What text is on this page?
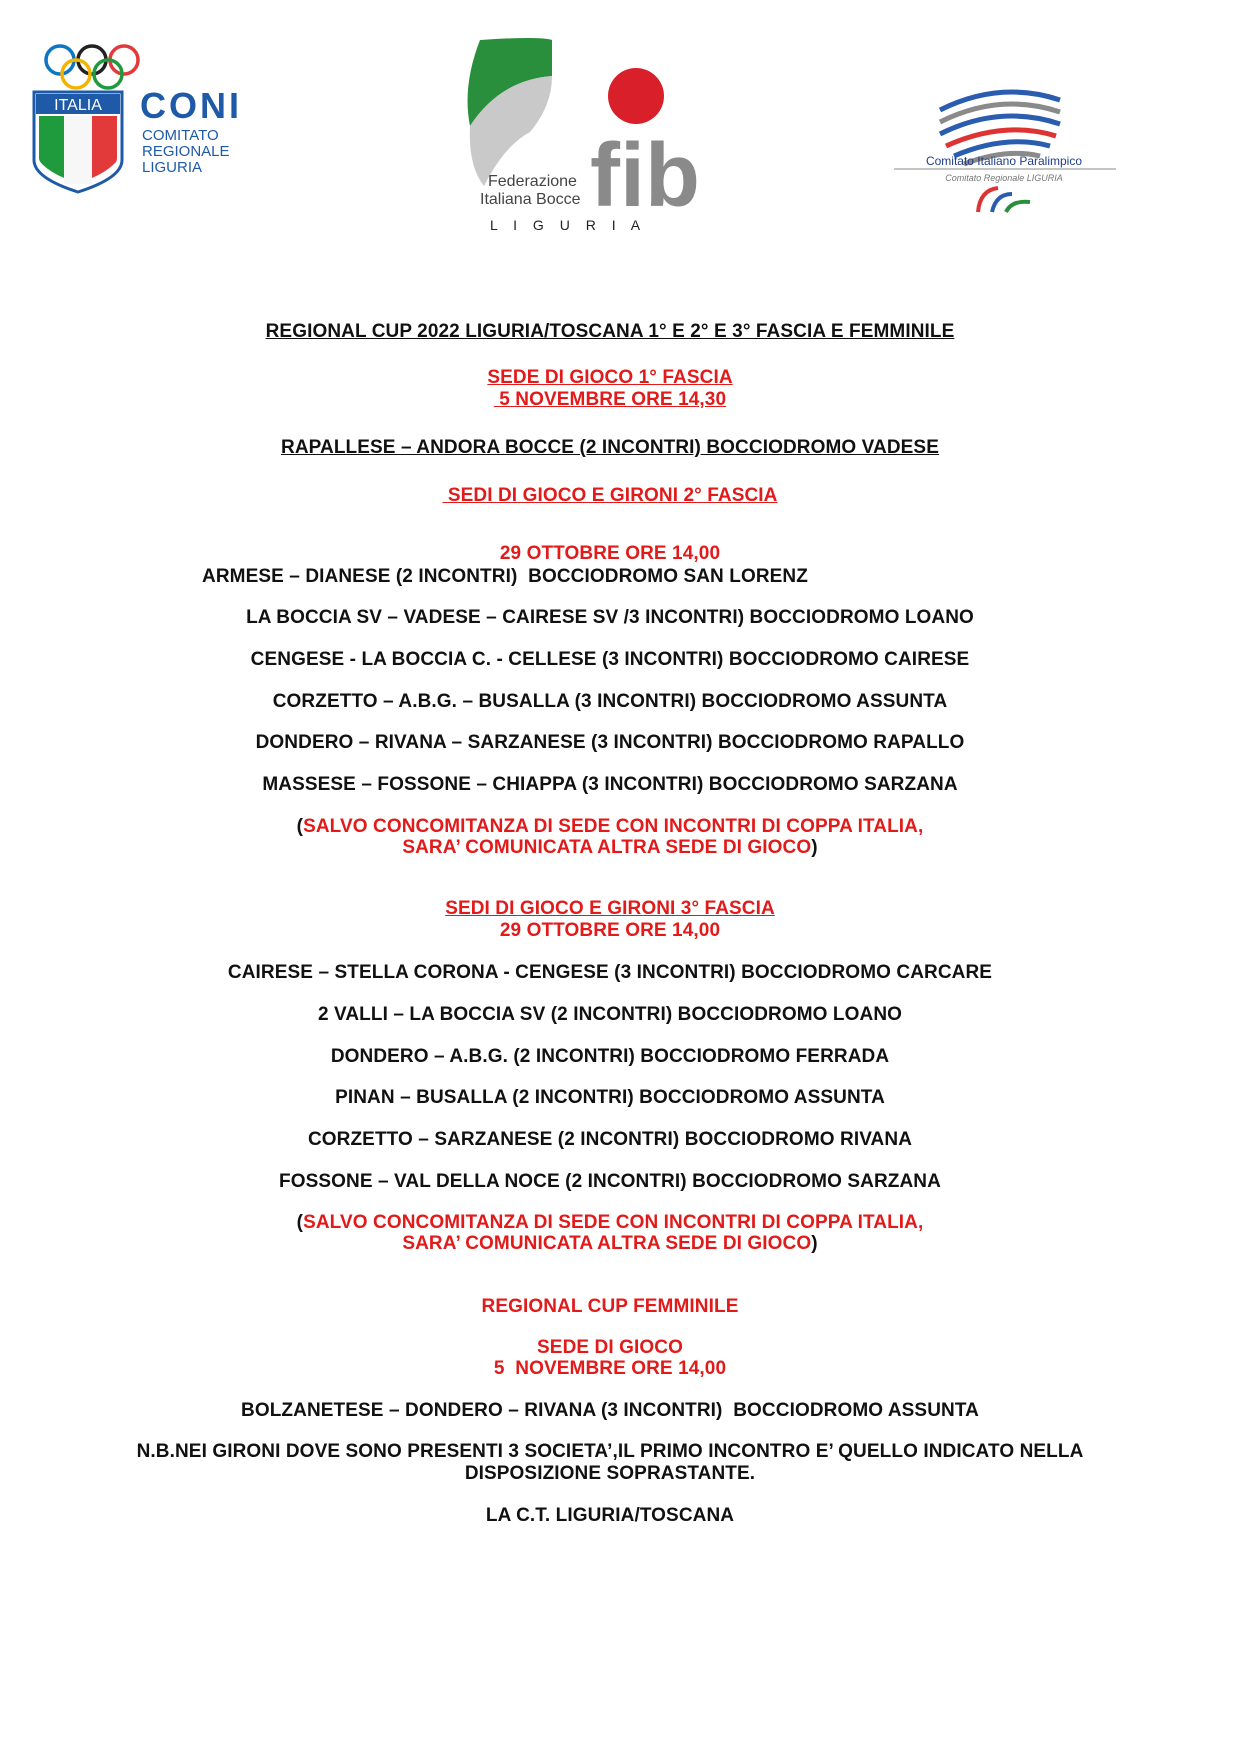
ITALIA CONI
COMITATO
REGIONALE
LIGURIA	fib
Federazione
Italiana Bocce
L I G U R I A
Comitato Italiano Paralimpico
Comitato Regionale LIGURIA
REGIONAL CUP 2022 LIGURIA/TOSCANA 1° E 2° E 3° FASCIA E FEMMINILE
SEDE DI GIOCO 1° FASCIA
5 NOVEMBRE ORE 14,30
RAPALLESE – ANDORA BOCCE (2 INCONTRI) BOCCIODROMO VADESE
SEDI DI GIOCO E GIRONI 2° FASCIA
29 OTTOBRE ORE 14,00
ARMESE – DIANESE (2 INCONTRI)  BOCCIODROMO SAN LORENZ
LA BOCCIA SV – VADESE – CAIRESE SV /3 INCONTRI) BOCCIODROMO LOANO
CENGESE - LA BOCCIA C. - CELLESE (3 INCONTRI) BOCCIODROMO CAIRESE
CORZETTO – A.B.G. – BUSALLA (3 INCONTRI) BOCCIODROMO ASSUNTA
DONDERO – RIVANA – SARZANESE (3 INCONTRI) BOCCIODROMO RAPALLO
MASSESE – FOSSONE – CHIAPPA (3 INCONTRI) BOCCIODROMO SARZANA
(SALVO CONCOMITANZA DI SEDE CON INCONTRI DI COPPA ITALIA,
SARA’ COMUNICATA ALTRA SEDE DI GIOCO)
SEDI DI GIOCO E GIRONI 3° FASCIA
29 OTTOBRE ORE 14,00
CAIRESE – STELLA CORONA - CENGESE (3 INCONTRI) BOCCIODROMO CARCARE
2 VALLI – LA BOCCIA SV (2 INCONTRI) BOCCIODROMO LOANO
DONDERO – A.B.G. (2 INCONTRI) BOCCIODROMO FERRADA
PINAN – BUSALLA (2 INCONTRI) BOCCIODROMO ASSUNTA
CORZETTO – SARZANESE (2 INCONTRI) BOCCIODROMO RIVANA
FOSSONE – VAL DELLA NOCE (2 INCONTRI) BOCCIODROMO SARZANA
(SALVO CONCOMITANZA DI SEDE CON INCONTRI DI COPPA ITALIA,
SARA’ COMUNICATA ALTRA SEDE DI GIOCO)
REGIONAL CUP FEMMINILE
SEDE DI GIOCO
5  NOVEMBRE ORE 14,00
BOLZANETESE – DONDERO – RIVANA (3 INCONTRI)  BOCCIODROMO ASSUNTA
N.B.NEI GIRONI DOVE SONO PRESENTI 3 SOCIETA’,IL PRIMO INCONTRO E’ QUELLO INDICATO NELLA
DISPOSIZIONE SOPRASTANTE.
LA C.T. LIGURIA/TOSCANA
